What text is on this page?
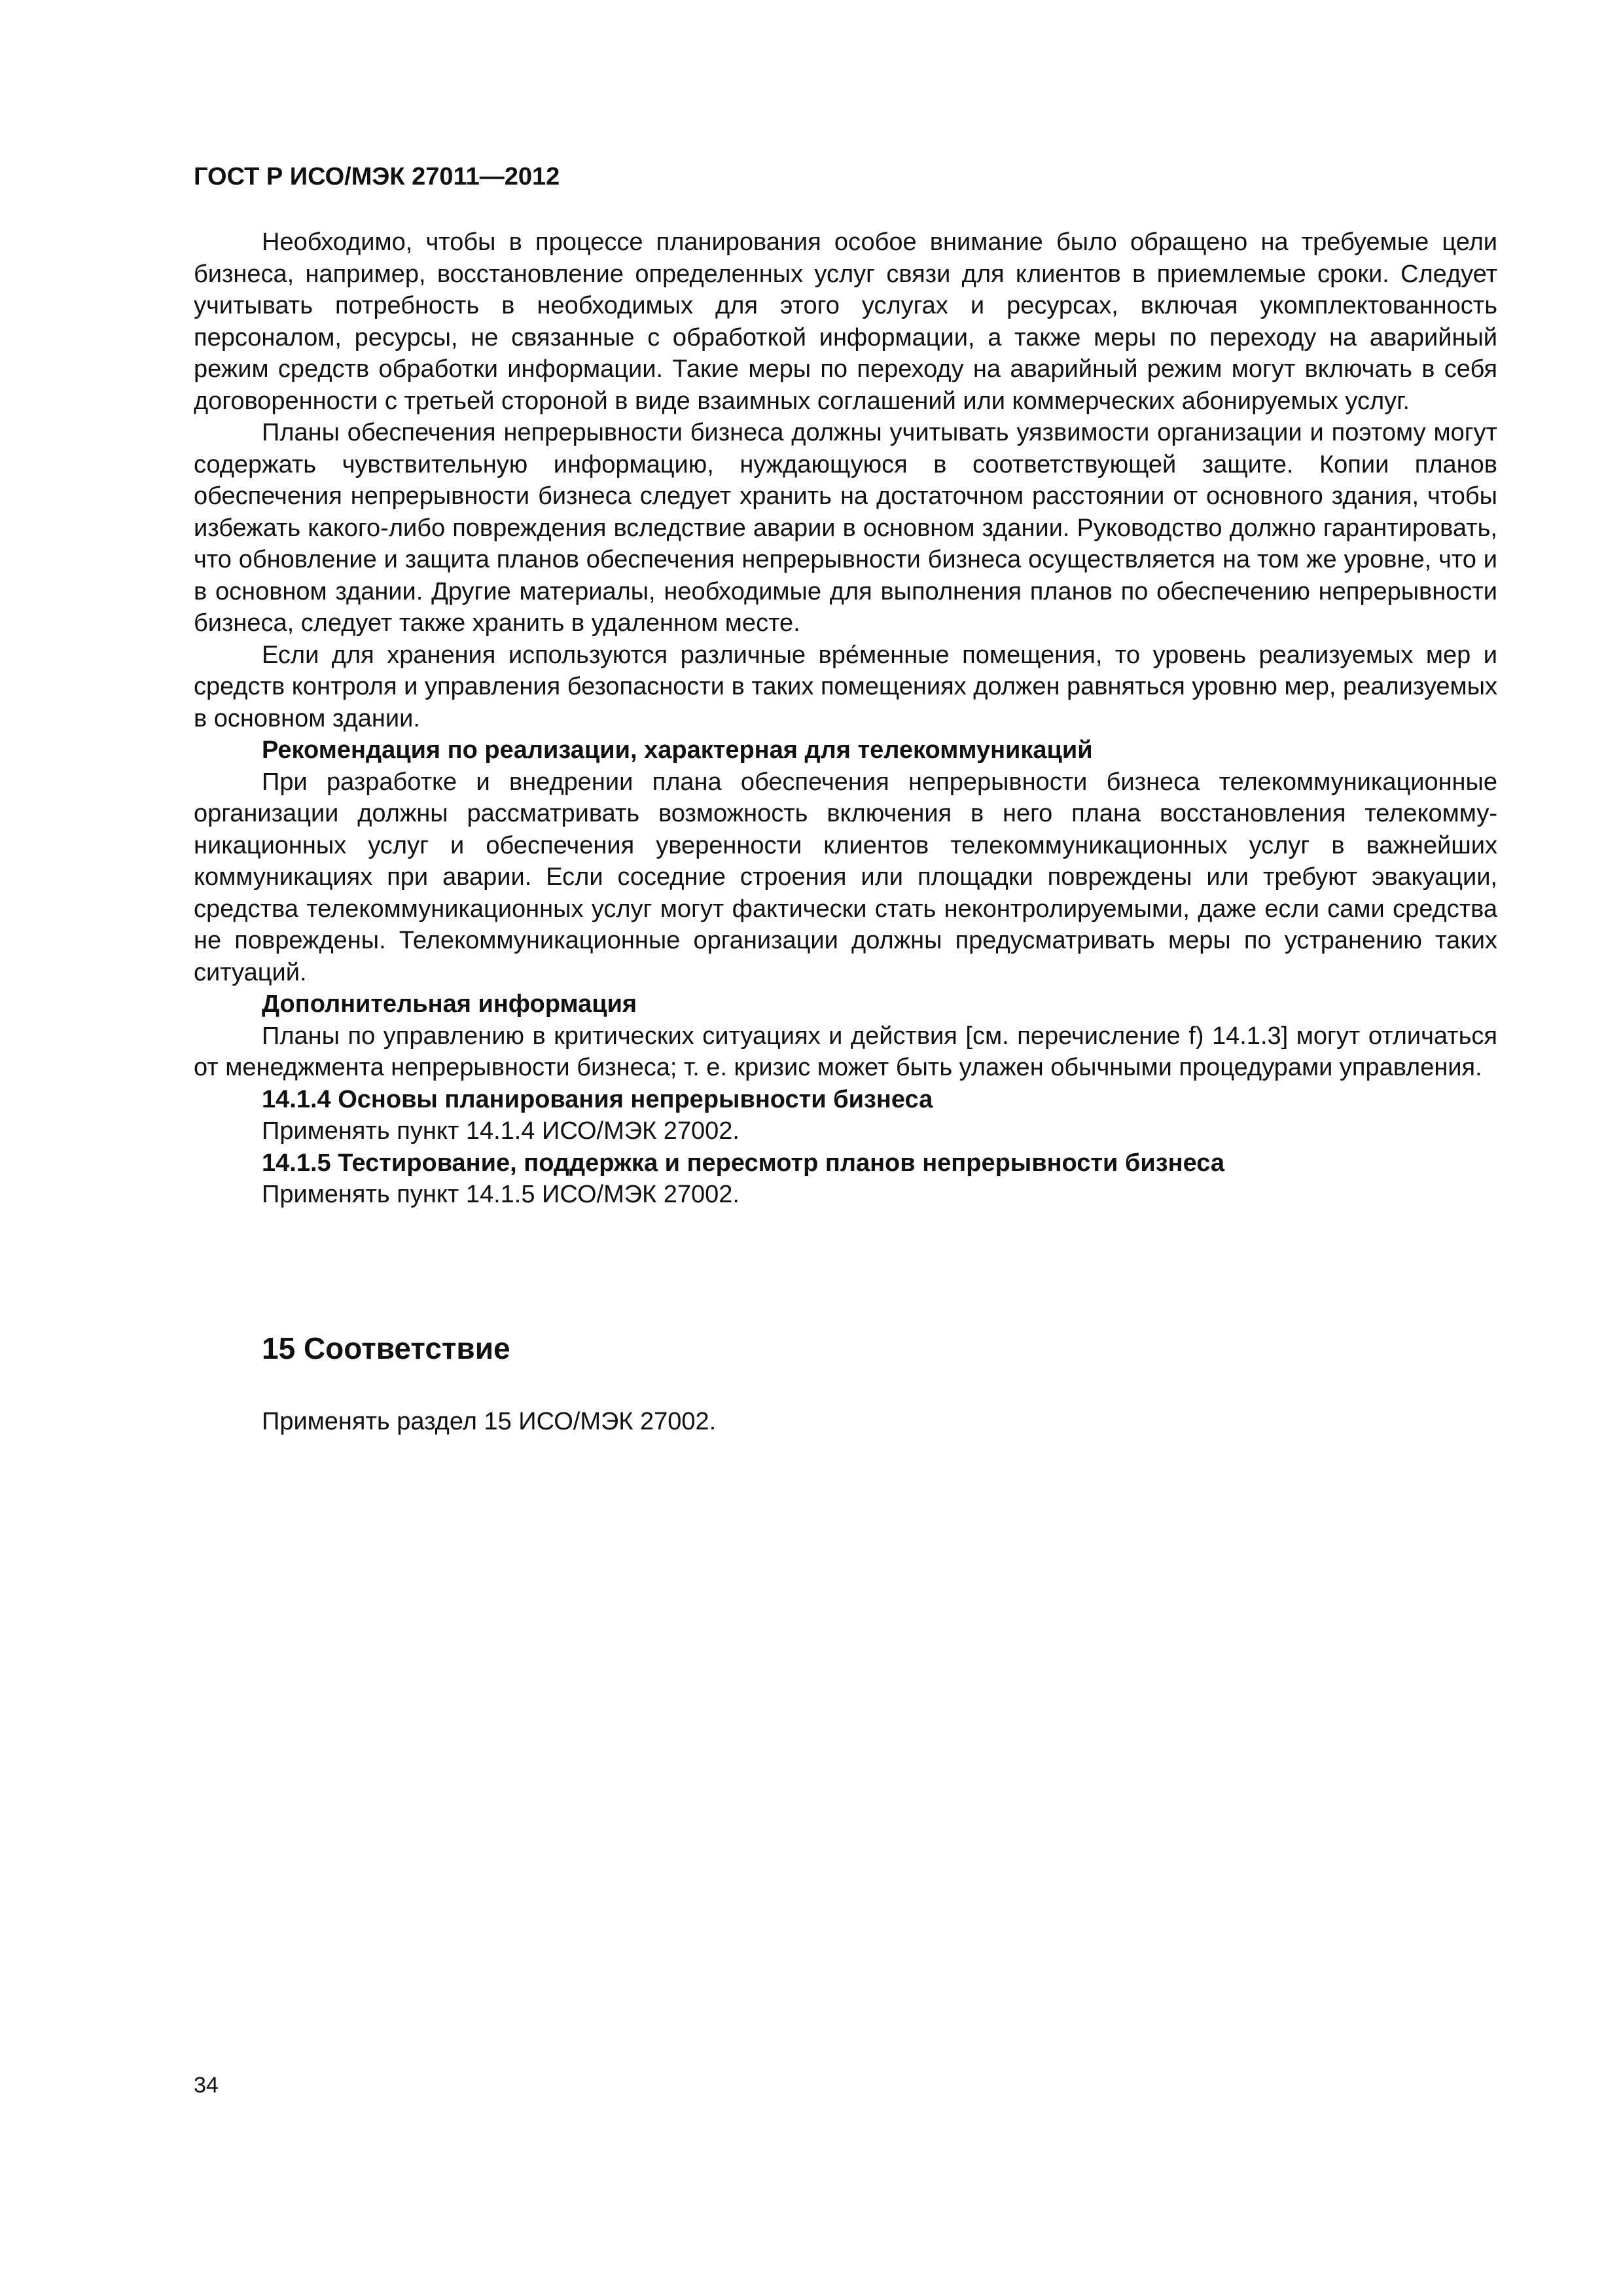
ГОСТ Р ИСО/МЭК 27011—2012

Необходимо, чтобы в процессе планирования особое внимание было обращено на требуемые цели бизнеса, например, восстановление определенных услуг связи для клиентов в приемлемые сроки. Следует учитывать потребность в необходимых для этого услугах и ресурсах, включая укомплектованность персоналом, ресурсы, не связанные с обработкой информации, а также меры по переходу на аварийный режим средств обработки информации. Такие меры по переходу на аварийный режим могут включать в себя договоренности с третьей стороной в виде взаимных соглашений или коммерческих абонируемых услуг.

Планы обеспечения непрерывности бизнеса должны учитывать уязвимости организации и поэтому могут содержать чувствительную информацию, нуждающуюся в соответствующей защите. Копии планов обеспечения непрерывности бизнеса следует хранить на достаточном расстоянии от основного здания, чтобы избежать какого-либо повреждения вследствие аварии в основном здании. Руководство должно гарантировать, что обновление и защита планов обеспечения непрерывности бизнеса осуществляется на том же уровне, что и в основном здании. Другие материалы, необходимые для выполнения планов по обеспечению непрерывности бизнеса, следует также хранить в удаленном месте.

Если для хранения используются различные вре́менные помещения, то уровень реализуемых мер и средств контроля и управления безопасности в таких помещениях должен равняться уровню мер, реализуемых в основном здании.

Рекомендация по реализации, характерная для телекоммуникаций

При разработке и внедрении плана обеспечения непрерывности бизнеса телекоммуникационные организации должны рассматривать возможность включения в него плана восстановления телекоммуникационных услуг и обеспечения уверенности клиентов телекоммуникационных услуг в важнейших коммуникациях при аварии. Если соседние строения или площадки повреждены или требуют эвакуации, средства телекоммуникационных услуг могут фактически стать неконтролируемыми, даже если сами средства не повреждены. Телекоммуникационные организации должны предусматривать меры по устранению таких ситуаций.

Дополнительная информация

Планы по управлению в критических ситуациях и действия [см. перечисление f) 14.1.3] могут отличаться от менеджмента непрерывности бизнеса; т. е. кризис может быть улажен обычными процедурами управления.

14.1.4 Основы планирования непрерывности бизнеса
Применять пункт 14.1.4 ИСО/МЭК 27002.
14.1.5 Тестирование, поддержка и пересмотр планов непрерывности бизнеса
Применять пункт 14.1.5 ИСО/МЭК 27002.
15 Соответствие
Применять раздел 15 ИСО/МЭК 27002.
34
